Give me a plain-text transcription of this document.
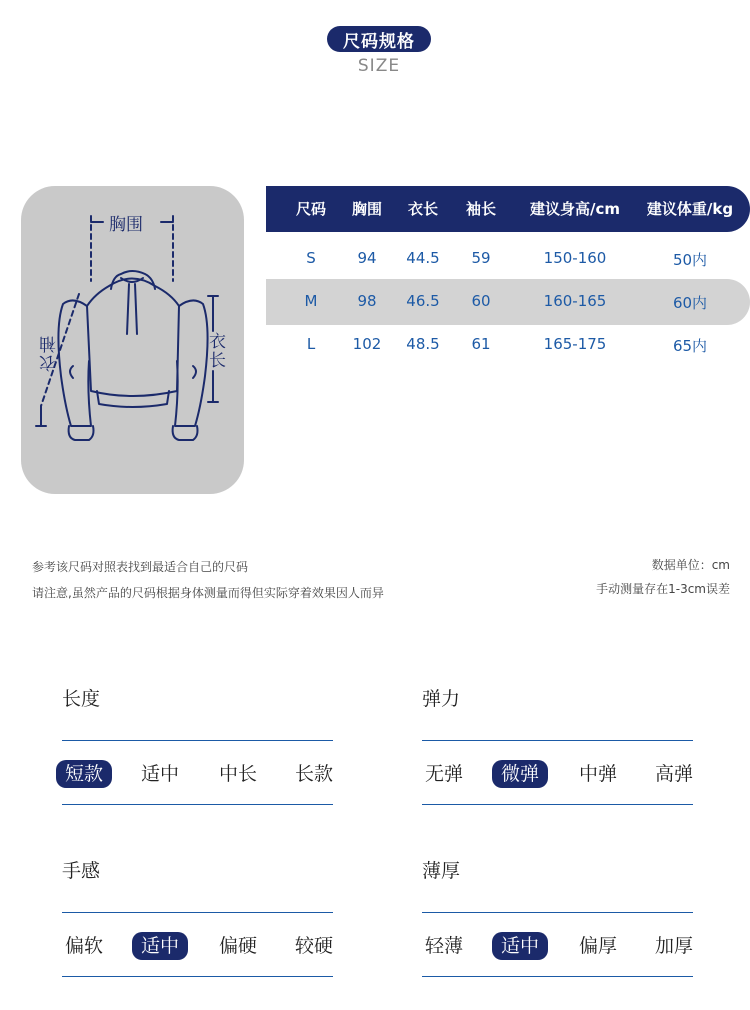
尺码规格
SIZE
胸围
衣袖	衣长
尺码	胸围	衣长	袖长	建议身高/cm	建议体重/kg
S	94	44.5	59	150-160	50内
M	98	46.5	60	160-165	60内
L	102	48.5	61	165-175	65内
参考该尺码对照表找到最适合自己的尺码
请注意,虽然产品的尺码根据身体测量而得但实际穿着效果因人而异
数据单位：cm
手动测量存在1-3cm误差
长度
短款	适中	中长	长款
弹力
无弹	微弹	中弹	高弹
手感
偏软	适中	偏硬	较硬
薄厚
轻薄	适中	偏厚	加厚
